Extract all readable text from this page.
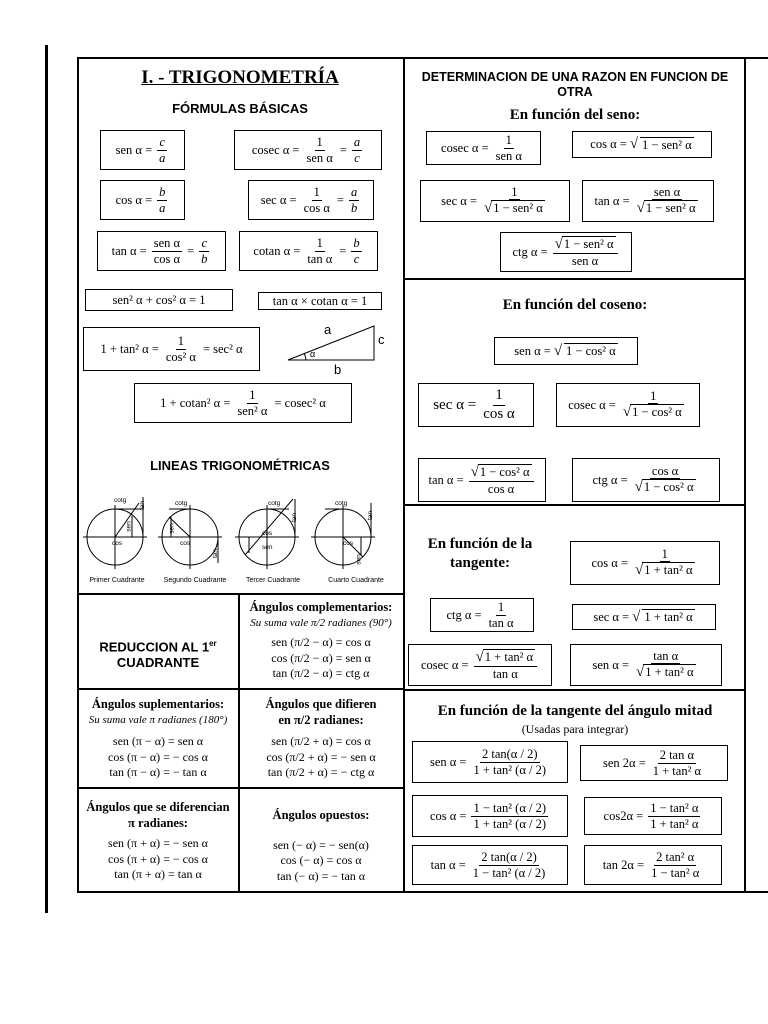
I. - TRIGONOMETRÍA
FÓRMULAS BÁSICAS
sen α =
c
a
cosec α =
1
sen α
=
a
c
cos α =
b
a
sec α =
1
cos α
=
a
b
tan α =
sen α
cos α
=
c
b
cotan α =
1
tan α
=
b
c
sen² α + cos² α = 1	tan α × cotan α = 1
1 + tan² α =
1
cos² α
= sec² α
a
c
b
α
1 + cotan² α =
1
sen² α
= cosec² α
LINEAS TRIGONOMÉTRICAS
cotg
tan
sen
cos
cotg
sen
cos
tan
cotg
tan
cos
sen
cotg
tan
cos
sen
Primer Cuadrante	Segundo Cuadrante	Tercer Cuadrante	Cuarto Cuadrante
REDUCCION AL 1er
CUADRANTE
Ángulos complementarios:
Su suma vale π/2 radianes (90°)
sen (π/2 − α) = cos α
cos (π/2 − α) = sen α
tan (π/2 − α) = ctg α
Ángulos suplementarios:
Su suma vale π radianes (180°)
sen (π − α) = sen α
cos (π − α) = − cos α
tan (π − α) = − tan α
Ángulos que difieren
en π/2 radianes:
sen (π/2 + α) = cos α
cos (π/2 + α) = − sen α
tan (π/2 + α) = − ctg α
Ángulos que se diferencian
π radianes:
sen (π + α) = − sen α
cos (π + α) = − cos α
tan (π + α) = tan α
Ángulos opuestos:
sen (− α) = − sen(α)
cos (− α) = cos α
tan (− α) = − tan α
DETERMINACION DE UNA RAZON EN FUNCION DE OTRA
En función del seno:
cosec α =
1
sen α
cos α = √ 1 − sen² α
sec α =
1
√1 − sen² α
tan α =
sen α
√1 − sen² α
ctg α = √1 − sen² α
sen α
En función del coseno:
sen α = √ 1 − cos² α
sec α =
1
cos α
cosec α =
1
√1 − cos² α
tan α = √1 − cos² α
cos α
ctg α =
cos α
√1 − cos² α
En función de la tangente:	cos α =
1
√1 + tan² α
ctg α =
1
tan α	sec α = √ 1 + tan² α
cosec α = √1 + tan² α
tan α
sen α =
tan α
√1 + tan² α
En función de la tangente del ángulo mitad
(Usadas para integrar)
sen α =
2 tan(α / 2)
1 + tan² (α / 2)	sen 2α =
2 tan α
1 + tan² α
cos α =
1 − tan² (α / 2)
1 + tan² (α / 2)
cos2α =
1 − tan² α
1 + tan² α
tan α =
2 tan(α / 2)
1 − tan² (α / 2)
tan 2α =
2 tan² α
1 − tan² α
